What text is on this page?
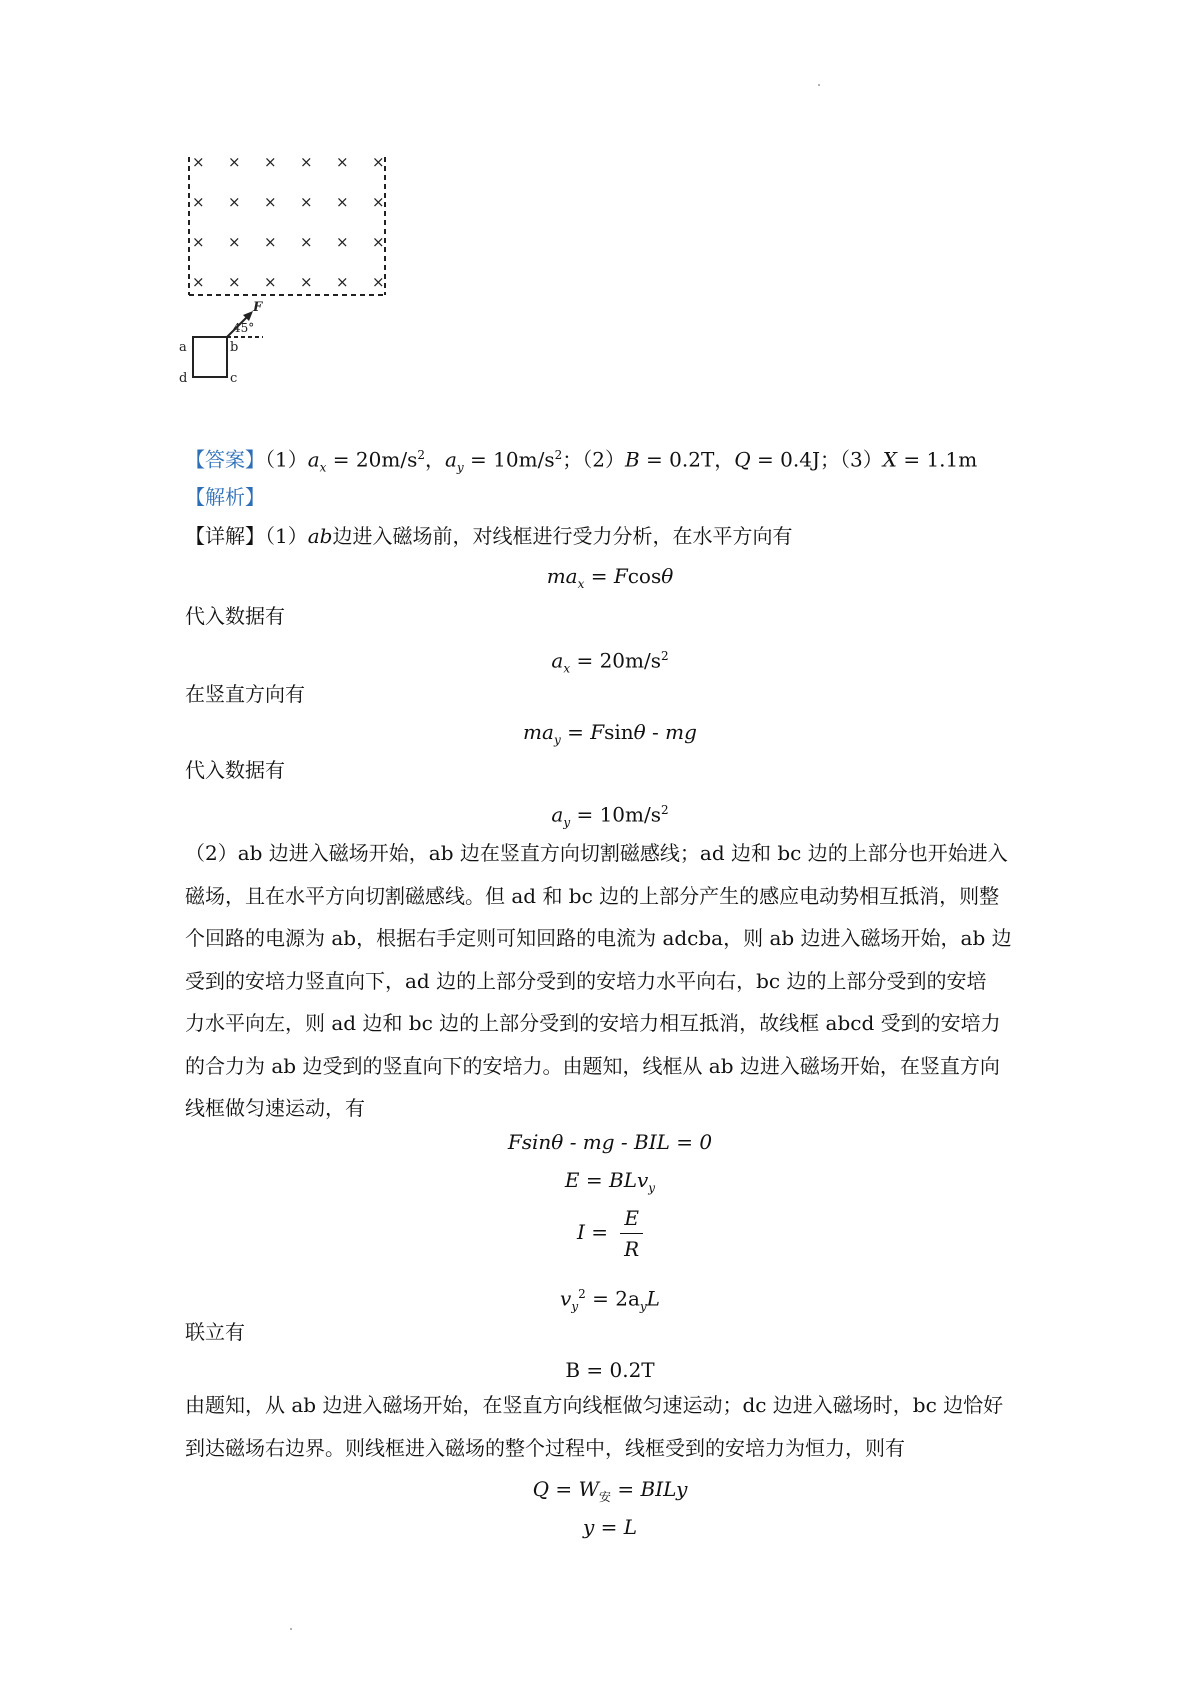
× × × × × ×
× × × × × ×
× × × × × ×
× × × × × ×
F
45°
a	b
c
d
【答案】$(1)a_x = 20m/s^2$，$a_y = 10m/s^2$；（2）B = 0.2T，Q = 0.4J；（3）X = 1.1m
【解析】
【详解】（1）ab边进入磁场前，对线框进行受力分析，在水平方向有
$ma_x = Fcos\theta$
代入数据有
$a_x = 20m/s^2$
在竖直方向有
$ma_y = Fsin\theta$ - mg
代入数据有
$a_y = 10m/s^2$
（2）ab 边进入磁场开始，ab 边在竖直方向切割磁感线；ad 边和 bc 边的上部分也开始进入
磁场，且在水平方向切割磁感线。但 ad 和 bc 边的上部分产生的感应电动势相互抵消，则整
个回路的电源为 ab，根据右手定则可知回路的电流为 adcba，则 ab 边进入磁场开始，ab 边
受到的安培力竖直向下，ad 边的上部分受到的安培力水平向右，bc 边的上部分受到的安培
力水平向左，则 ad 边和 bc 边的上部分受到的安培力相互抵消，故线框 abcd 受到的安培力
的合力为 ab 边受到的竖直向下的安培力。由题知，线框从 ab 边进入磁场开始，在竖直方向
线框做匀速运动，有
Fsinθ - mg - BIL = 0
E = BLv$_y$
$I = \frac{E}{R}$
$v_y^2 = 2a_yL$
联立有
B = 0.2T
由题知，从 ab 边进入磁场开始，在竖直方向线框做匀速运动；dc 边进入磁场时，bc 边恰好
到达磁场右边界。则线框进入磁场的整个过程中，线框受到的安培力为恒力，则有
$Q = W_安$ = BILy
y = L
